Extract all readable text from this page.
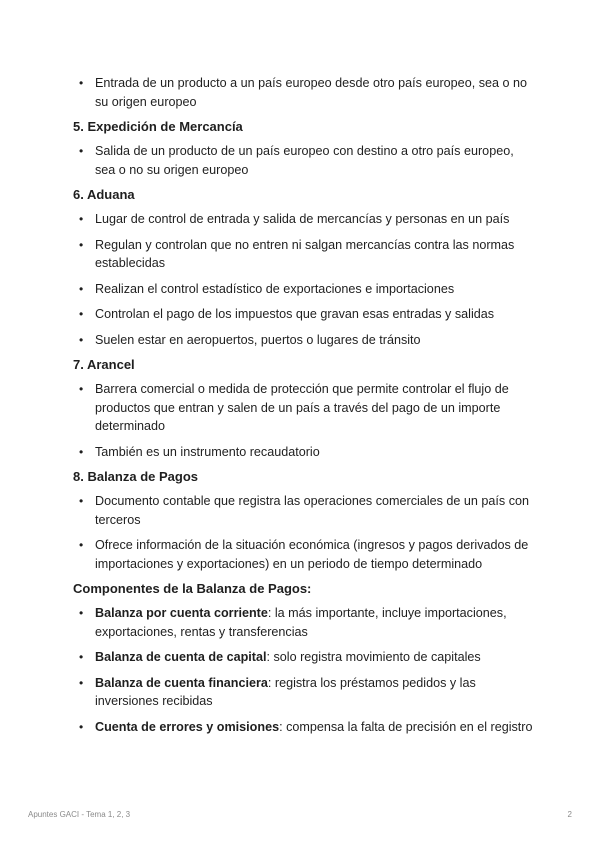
• Entrada de un producto a un país europeo desde otro país europeo, sea o no su origen europeo
5. Expedición de Mercancía
• Salida de un producto de un país europeo con destino a otro país europeo, sea o no su origen europeo
6. Aduana
• Lugar de control de entrada y salida de mercancías y personas en un país
• Regulan y controlan que no entren ni salgan mercancías contra las normas establecidas
• Realizan el control estadístico de exportaciones e importaciones
• Controlan el pago de los impuestos que gravan esas entradas y salidas
• Suelen estar en aeropuertos, puertos o lugares de tránsito
7. Arancel
• Barrera comercial o medida de protección que permite controlar el flujo de productos que entran y salen de un país a través del pago de un importe determinado
• También es un instrumento recaudatorio
8. Balanza de Pagos
• Documento contable que registra las operaciones comerciales de un país con terceros
• Ofrece información de la situación económica (ingresos y pagos derivados de importaciones y exportaciones) en un periodo de tiempo determinado
Componentes de la Balanza de Pagos:
• Balanza por cuenta corriente: la más importante, incluye importaciones, exportaciones, rentas y transferencias
• Balanza de cuenta de capital: solo registra movimiento de capitales
• Balanza de cuenta financiera: registra los préstamos pedidos y las inversiones recibidas
• Cuenta de errores y omisiones: compensa la falta de precisión en el registro
Apuntes GACI - Tema 1, 2, 3	2
